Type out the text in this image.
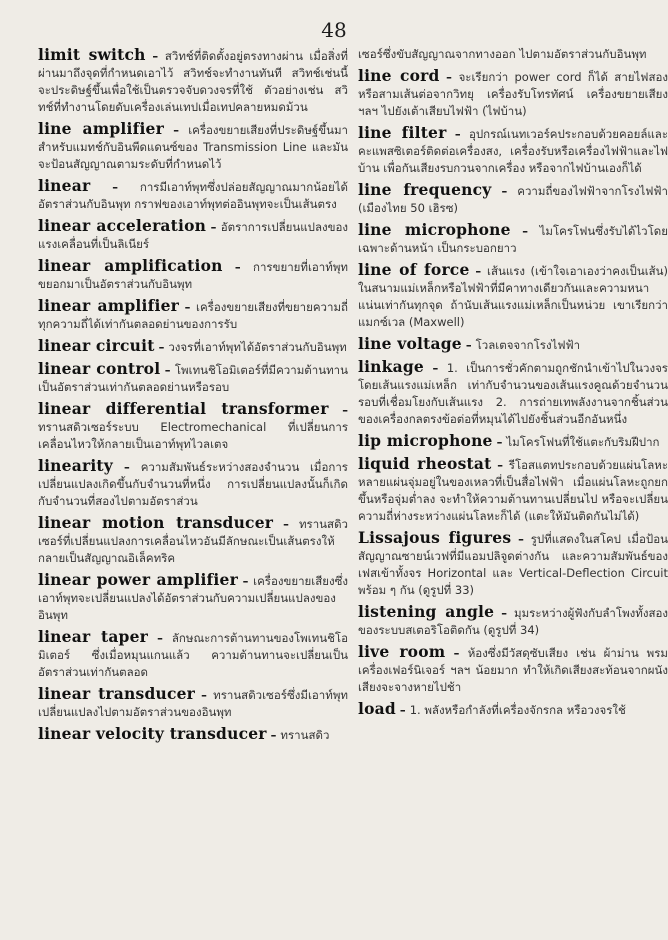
48

limit switch – สวิทช์ที่ติดตั้งอยู่ตรงทางผ่าน เมื่อสิ่งที่ผ่านมาถึงจุดที่กำหนดเอาไว้ สวิทช์จะทำงานทันที สวิทช์เช่นนี้จะประดิษฐ์ขึ้นเพื่อใช้เป็นตรวจจับดวงจรที่ใช้ ตัวอย่างเช่น สวิทช์ที่ทำงานโดยดับเครื่องเล่นเทปเมื่อเทปคลายหมดม้วน

line amplifier – เครื่องขยายเสียงที่ประดิษฐ์ขึ้นมาสำหรับแมทช์กับอินพีดแดนซ์ของ Transmission Line และมันจะป้อนสัญญาณตามระดับที่กำหนดไว้

linear – การมีเอาท์พุทซึ่งปล่อยสัญญาณมากน้อยได้อัตราส่วนกับอินพุท กราฟของเอาท์พุทต่ออินพุทจะเป็นเส้นตรง

linear acceleration – อัตราการเปลี่ยนแปลงของแรงเคลื่อนที่เป็นลิเนียร์

linear amplification – การขยายที่เอาท์พุทขยอกมาเป็นอัตราส่วนกับอินพุท

linear amplifier – เครื่องขยายเสียงที่ขยายความถี่ทุกความถี่ได้เท่ากันตลอดย่านของการรับ

linear circuit – วงจรที่เอาท์พุทได้อัตราส่วนกับอินพุท

linear control – โพเทนชิโอมิเตอร์ที่มีความต้านทานเป็นอัตราส่วนเท่ากันตลอดย่านหรือรอบ

linear differential transformer – ทรานสดิวเซอร์ระบบ Electromechanical ที่เปลี่ยนการเคลื่อนไหวให้กลายเป็นเอาท์พุทไวลเตจ

linearity – ความสัมพันธ์ระหว่างสองจำนวน เมื่อการเปลี่ยนแปลงเกิดขึ้นกับจำนวนที่หนึ่ง การเปลี่ยนแปลงนั้นก็เกิดกับจำนวนที่สองไปตามอัตราส่วน

linear motion transducer – ทรานสดิวเซอร์ที่เปลี่ยนแปลงการเคลื่อนไหวอันมีลักษณะเป็นเส้นตรงให้กลายเป็นสัญญาณอิเล็คทริค

linear power amplifier – เครื่องขยายเสียงซึ่งเอาท์พุทจะเปลี่ยนแปลงได้อัตราส่วนกับความเปลี่ยนแปลงของอินพุท

linear taper – ลักษณะการต้านทานของโพเทนชิโอมิเตอร์ ซึ่งเมื่อหมุนแกนแล้ว ความต้านทานจะเปลี่ยนเป็นอัตราส่วนเท่ากันตลอด

linear transducer – ทรานสดิวเซอร์ซึ่งมีเอาท์พุทเปลี่ยนแปลงไปตามอัตราส่วนของอินพุท

linear velocity transducer – ทรานสดิว

เซอร์ซึ่งขับสัญญาณจากทางออก ไปตามอัตราส่วนกับอินพุท

line cord – จะเรียกว่า power cord ก็ได้ สายไฟสองหรือสามเส้นต่อจากวิทยุ เครื่องรับโทรทัศน์ เครื่องขยายเสียง ฯลฯ ไปยังเต้าเสียบไฟฟ้า (ไฟบ้าน)

line filter – อุปกรณ์เนทเวอร์คประกอบด้วยคอยล์และคะแพสซิเตอร์ติดต่อเครื่องสง, เครื่องรับหรือเครื่องไฟฟ้าและไฟบ้าน เพื่อกันเสียงรบกวนจากเครื่อง หรือจากไฟบ้านเองก็ได้

line frequency – ความถี่ของไฟฟ้าจากโรงไฟฟ้า (เมืองไทย 50 เฮิรซ)

line microphone – ไมโครโฟนซึ่งรับได้ไวโดยเฉพาะด้านหน้า เป็นกระบอกยาว

line of force – เส้นแรง (เข้าใจเอาเองว่าคงเป็นเส้น) ในสนามแม่เหล็กหรือไฟฟ้าที่มีคาทางเดียวกันและความหนาแน่นเท่ากันทุกจุด ถ้านับเส้นแรงแม่เหล็กเป็นหน่วย เขาเรียกว่า แมกซ์เวล (Maxwell)

line voltage – โวลเตจจากโรงไฟฟ้า

linkage – 1. เป็นการชั่วคักตามถูกชักนำเข้าไปในวงจรโดยเส้นแรงแม่เหล็ก เท่ากับจำนวนของเส้นแรงคูณด้วยจำนวนรอบที่เชื่อมโยงกับเส้นแรง 2. การถ่ายเทพลังงานจากชิ้นส่วนของเครื่องกลตรงข้อต่อที่หมุนได้ไปยังชิ้นส่วนอีกอันหนึ่ง

lip microphone – ไมโครโฟนที่ใช้แตะกับริมฝีปาก

liquid rheostat – รีโอสแตทประกอบด้วยแผ่นโลหะหลายแผ่นจุ่มอยู่ในของเหลวที่เป็นสื่อไฟฟ้า เมื่อแผ่นโลหะถูกยกขึ้นหรือจุ่มต่ำลง จะทำให้ความต้านทานเปลี่ยนไป หรือจะเปลี่ยนความถี่ห่างระหว่างแผ่นโลหะก็ได้ (แตะให้มันติดกันไม่ได้)

Lissajous figures – รูปที่แสดงในสโคป เมื่อป้อนสัญญาณซายน์เวฟที่มีแอมปลิจูดต่างกัน และความสัมพันธ์ของเฟสเข้าทั้งจร Horizontal และ Vertical-Deflection Circuit พร้อม ๆ กัน (ดูรูปที่ 33)

listening angle – มุมระหว่างผู้ฟังกับลำโพงทั้งสองของระบบสเตอริโอติดกัน (ดูรูปที่ 34)

live room – ห้องซึ่งมีวัสดุซับเสียง เช่น ผ้าม่าน พรม เครื่องเฟอร์นิเจอร์ ฯลฯ น้อยมาก ทำให้เกิดเสียงสะท้อนจากผนัง เสียงจะจางหายไปช้า

load – 1. พลังหรือกำลังที่เครื่องจักรกล หรือวงจรใช้
